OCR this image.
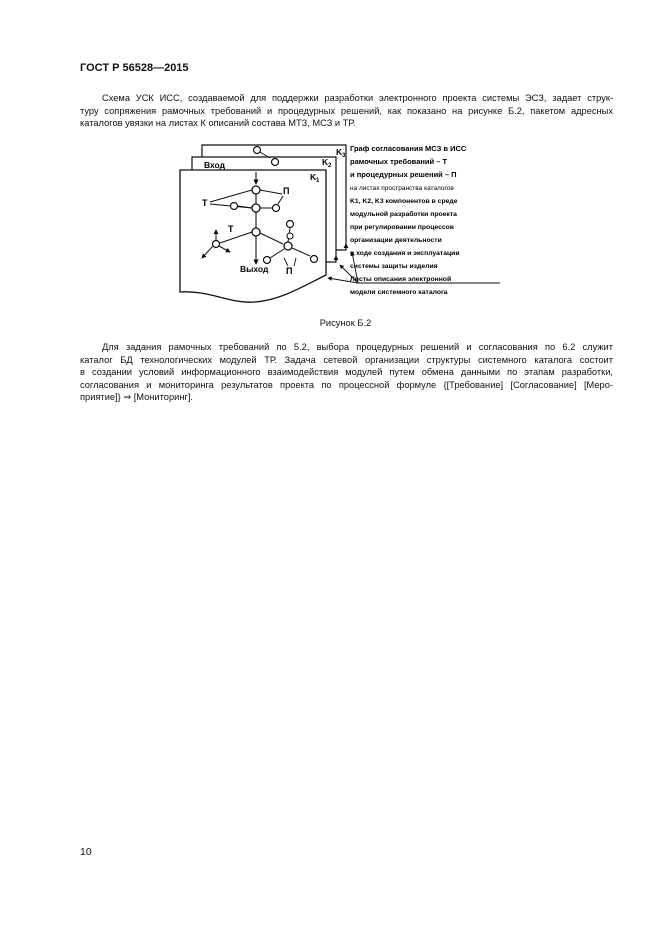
ГОСТ Р 56528—2015
Схема УСК ИСС, создаваемой для поддержки разработки электронного проекта системы ЭСЗ, задает струк-
туру сопряжения рамочных требований и процедурных решений, как показано на рисунке Б.2, пакетом адресных
каталогов увязки на листах К описаний состава МТЗ, МСЗ и ТР.
K 3
K 2
K 1
Вход
Т
П
Т
Выход П
Граф согласования МСЗ в ИСС
рамочных требований – Т
и процедурных решений – П
на листах пространства каталогов
K1, K2, K3 компонентов в среде
модульной разработки проекта
при регулировании процессов
организации деятельности
в ходе создания и эксплуатации
системы защиты изделия
Листы описания электронной
модели системного каталога
Рисунок Б.2
Для задания рамочных требований по 5.2, выбора процедурных решений и согласования по 6.2 служит
каталог БД технологических модулей ТР. Задача сетевой организации структуры системного каталога состоит
в создании условий информационного взаимодействия модулей путем обмена данными по этапам разработки,
согласования и мониторинга результатов проекта по процессной формуле {[Требование] [Согласование] [Меро-
приятие]} ⇒ [Мониторинг].
10
